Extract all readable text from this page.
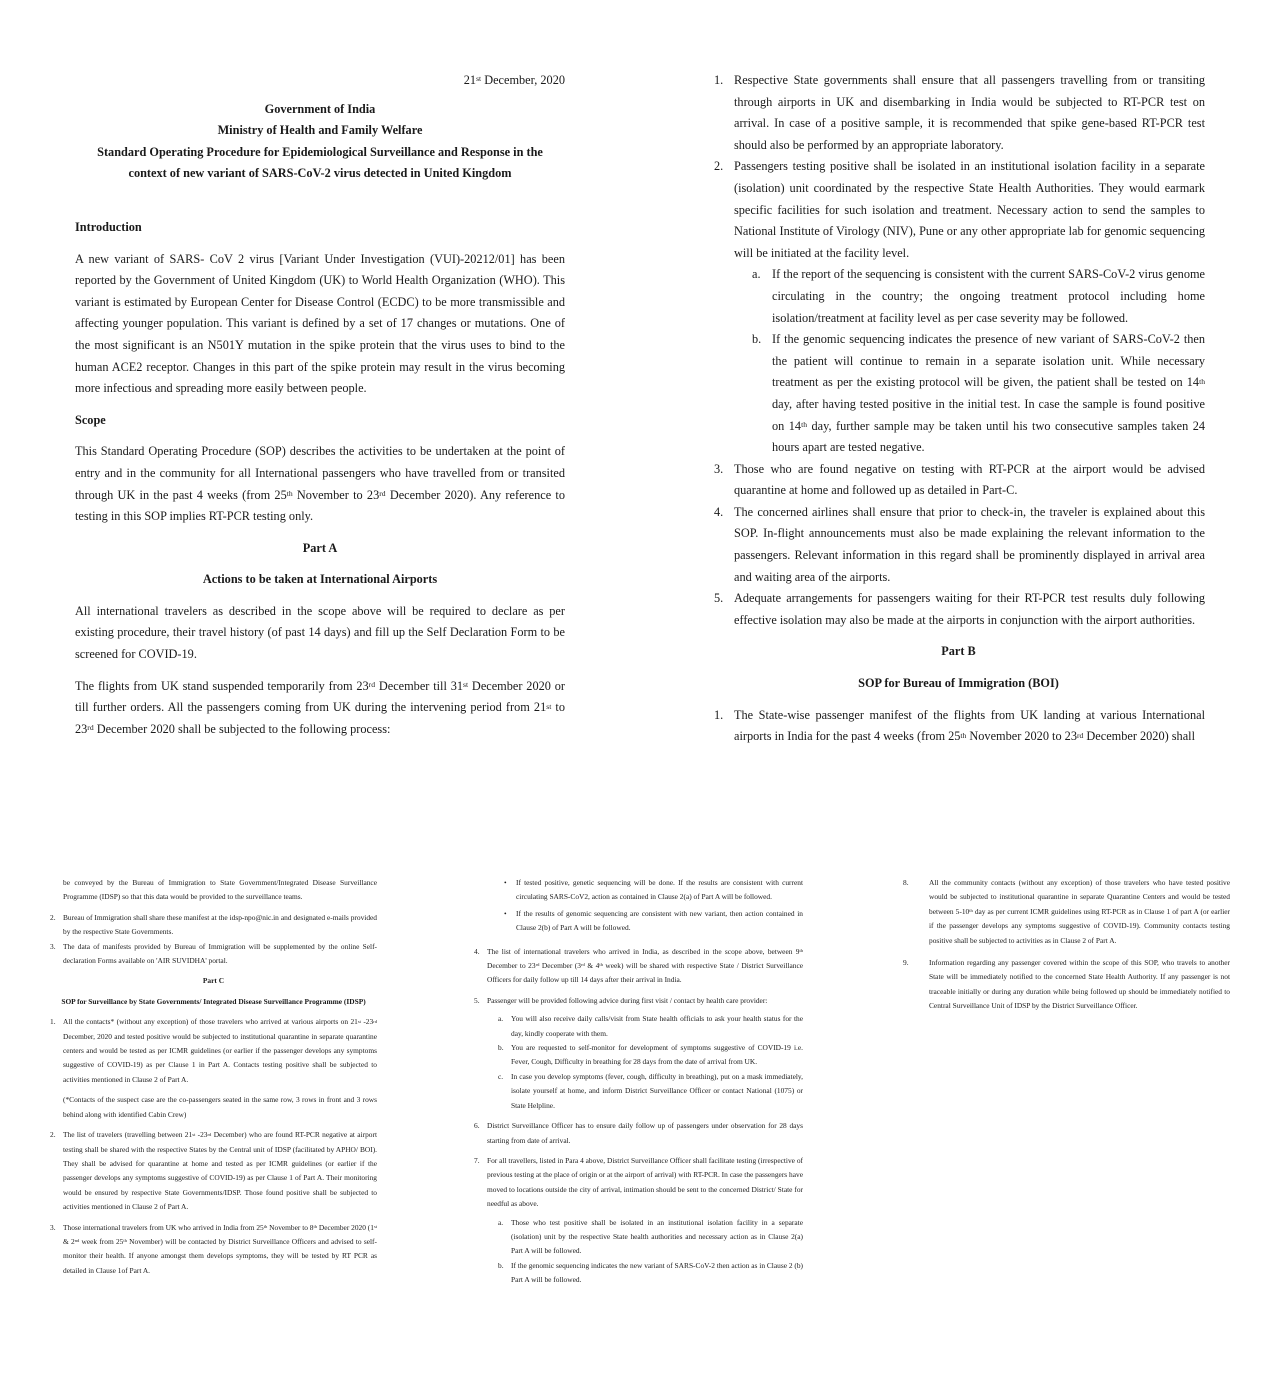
21st December, 2020

Government of India

Ministry of Health and Family Welfare

Standard Operating Procedure for Epidemiological Surveillance and Response in the

context of new variant of SARS-CoV-2 virus detected in United Kingdom

Introduction

A new variant of SARS- CoV 2 virus [Variant Under Investigation (VUI)-20212/01] has been reported by the Government of United Kingdom (UK) to World Health Organization (WHO). This variant is estimated by European Center for Disease Control (ECDC) to be more transmissible and affecting younger population. This variant is defined by a set of 17 changes or mutations. One of the most significant is an N501Y mutation in the spike protein that the virus uses to bind to the human ACE2 receptor. Changes in this part of the spike protein may result in the virus becoming more infectious and spreading more easily between people.

Scope

This Standard Operating Procedure (SOP) describes the activities to be undertaken at the point of entry and in the community for all International passengers who have travelled from or transited through UK in the past 4 weeks (from 25th November to 23rd December 2020). Any reference to testing in this SOP implies RT-PCR testing only.

Part A

Actions to be taken at International Airports

All international travelers as described in the scope above will be required to declare as per existing procedure, their travel history (of past 14 days) and fill up the Self Declaration Form to be screened for COVID-19.

The flights from UK stand suspended temporarily from 23rd December till 31st December 2020 or till further orders. All the passengers coming from UK during the intervening period from 21st to 23rd December 2020 shall be subjected to the following process:

1. Respective State governments shall ensure that all passengers travelling from or transiting through airports in UK and disembarking in India would be subjected to RT-PCR test on arrival. In case of a positive sample, it is recommended that spike gene-based RT-PCR test should also be performed by an appropriate laboratory.
2. Passengers testing positive shall be isolated in an institutional isolation facility in a separate (isolation) unit coordinated by the respective State Health Authorities. They would earmark specific facilities for such isolation and treatment. Necessary action to send the samples to National Institute of Virology (NIV), Pune or any other appropriate lab for genomic sequencing will be initiated at the facility level.
a. If the report of the sequencing is consistent with the current SARS-CoV-2 virus genome circulating in the country; the ongoing treatment protocol including home isolation/treatment at facility level as per case severity may be followed.
b. If the genomic sequencing indicates the presence of new variant of SARS-CoV-2 then the patient will continue to remain in a separate isolation unit. While necessary treatment as per the existing protocol will be given, the patient shall be tested on 14th day, after having tested positive in the initial test. In case the sample is found positive on 14th day, further sample may be taken until his two consecutive samples taken 24 hours apart are tested negative.
3. Those who are found negative on testing with RT-PCR at the airport would be advised quarantine at home and followed up as detailed in Part-C.
4. The concerned airlines shall ensure that prior to check-in, the traveler is explained about this SOP. In-flight announcements must also be made explaining the relevant information to the passengers. Relevant information in this regard shall be prominently displayed in arrival area and waiting area of the airports.
5. Adequate arrangements for passengers waiting for their RT-PCR test results duly following effective isolation may also be made at the airports in conjunction with the airport authorities.

Part B

SOP for Bureau of Immigration (BOI)

1. The State-wise passenger manifest of the flights from UK landing at various International airports in India for the past 4 weeks (from 25th November 2020 to 23rd December 2020) shall

be conveyed by the Bureau of Immigration to State Government/Integrated Disease Surveillance Programme (IDSP) so that this data would be provided to the surveillance teams.

2. Bureau of Immigration shall share these manifest at the idsp-npo@nic.in and designated e-mails provided by the respective State Governments.
3. The data of manifests provided by Bureau of Immigration will be supplemented by the online Self-declaration Forms available on 'AIR SUVIDHA' portal.

Part C

SOP for Surveillance by State Governments/ Integrated Disease Surveillance Programme (IDSP)

1. All the contacts* (without any exception) of those travelers who arrived at various airports on 21st -23rd December, 2020 and tested positive would be subjected to institutional quarantine in separate quarantine centers and would be tested as per ICMR guidelines (or earlier if the passenger develops any symptoms suggestive of COVID-19) as per Clause 1 in Part A. Contacts testing positive shall be subjected to activities mentioned in Clause 2 of Part A.

(*Contacts of the suspect case are the co-passengers seated in the same row, 3 rows in front and 3 rows behind along with identified Cabin Crew)

2. The list of travelers (travelling between 21st -23rd December) who are found RT-PCR negative at airport testing shall be shared with the respective States by the Central unit of IDSP (facilitated by APHO/ BOI). They shall be advised for quarantine at home and tested as per ICMR guidelines (or earlier if the passenger develops any symptoms suggestive of COVID-19) as per Clause 1 of Part A. Their monitoring would be ensured by respective State Governments/IDSP. Those found positive shall be subjected to activities mentioned in Clause 2 of Part A.
3. Those international travelers from UK who arrived in India from 25th November to 8th December 2020 (1st & 2nd week from 25th November) will be contacted by District Surveillance Officers and advised to self-monitor their health. If anyone amongst them develops symptoms, they will be tested by RT PCR as detailed in Clause 1of Part A.
• If tested positive, genetic sequencing will be done. If the results are consistent with current circulating SARS-CoV2, action as contained in Clause 2(a) of Part A will be followed.
• If the results of genomic sequencing are consistent with new variant, then action contained in Clause 2(b) of Part A will be followed.
4. The list of international travelers who arrived in India, as described in the scope above, between 9th December to 23rd December (3rd & 4th week) will be shared with respective State / District Surveillance Officers for daily follow up till 14 days after their arrival in India.
5. Passenger will be provided following advice during first visit / contact by health care provider:
a. You will also receive daily calls/visit from State health officials to ask your health status for the day, kindly cooperate with them.
b. You are requested to self-monitor for development of symptoms suggestive of COVID-19 i.e. Fever, Cough, Difficulty in breathing for 28 days from the date of arrival from UK.
c. In case you develop symptoms (fever, cough, difficulty in breathing), put on a mask immediately, isolate yourself at home, and inform District Surveillance Officer or contact National (1075) or State Helpline.
6. District Surveillance Officer has to ensure daily follow up of passengers under observation for 28 days starting from date of arrival.
7. For all travellers, listed in Para 4 above, District Surveillance Officer shall facilitate testing (irrespective of previous testing at the place of origin or at the airport of arrival) with RT-PCR. In case the passengers have moved to locations outside the city of arrival, intimation should be sent to the concerned District/ State for needful as above.
a. Those who test positive shall be isolated in an institutional isolation facility in a separate (isolation) unit by the respective State health authorities and necessary action as in Clause 2(a) Part A will be followed.
b. If the genomic sequencing indicates the new variant of SARS-CoV-2 then action as in Clause 2 (b) Part A will be followed.
8.	All the community contacts (without any exception) of those travelers who have tested positive would be subjected to institutional quarantine in separate Quarantine Centers and would be tested between 5-10th day as per current ICMR guidelines using RT-PCR as in Clause 1 of part A (or earlier if the passenger develops any symptoms suggestive of COVID-19). Community contacts testing positive shall be subjected to activities as in Clause 2 of Part A.
9.	Information regarding any passenger covered within the scope of this SOP, who travels to another State will be immediately notified to the concerned State Health Authority. If any passenger is not traceable initially or during any duration while being followed up should be immediately notified to Central Surveillance Unit of IDSP by the District Surveillance Officer.
